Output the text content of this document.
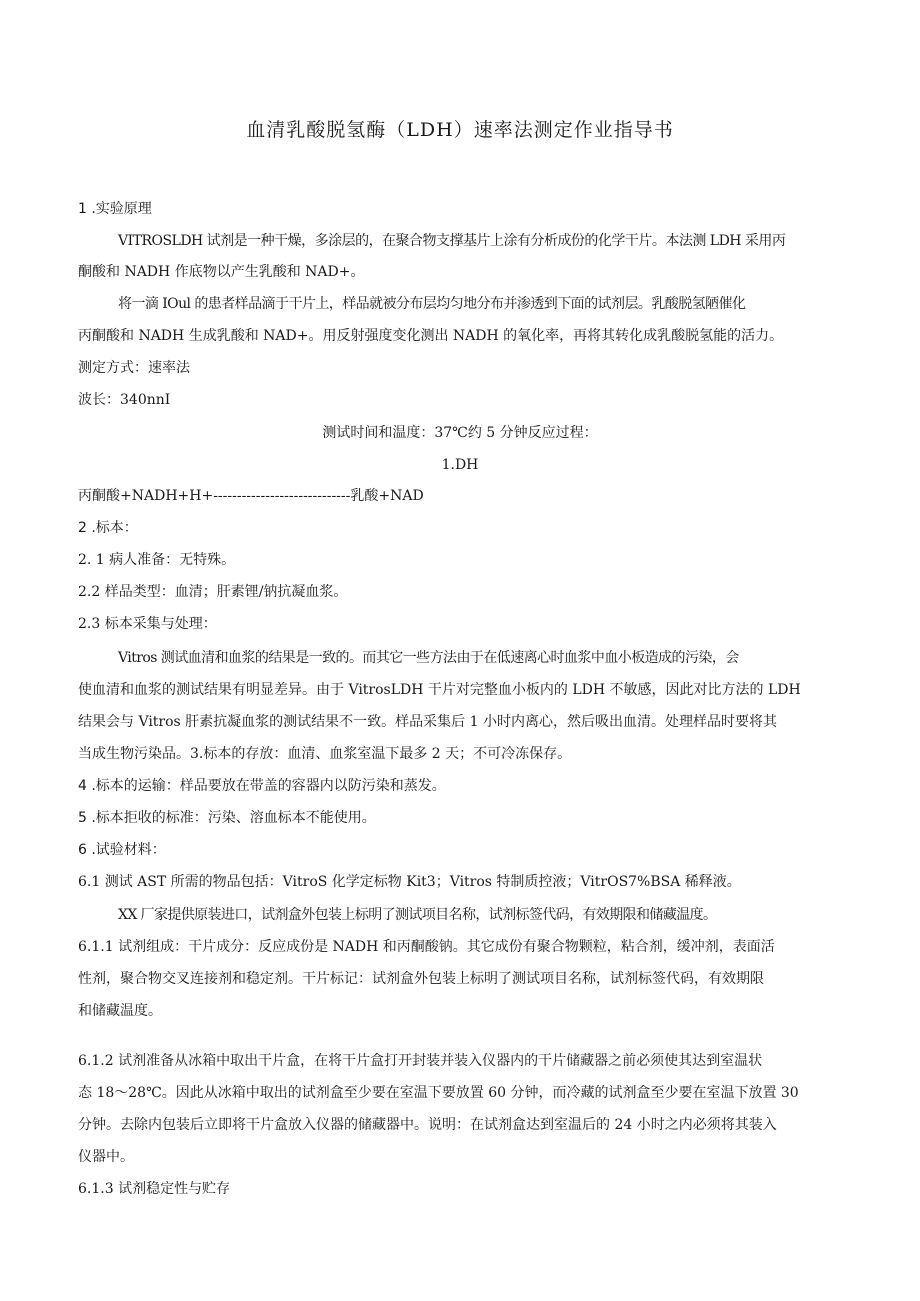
血清乳酸脱氢酶（LDH）速率法测定作业指导书
1 .实验原理
VITROSLDH 试剂是一种干燥，多涂层的，在聚合物支撑基片上涂有分析成份的化学干片。本法测 LDH 采用丙
酮酸和 NADH 作底物以产生乳酸和 NAD+。
将一滴 IOul 的患者样品滴于干片上，样品就被分布层均匀地分布并渗透到下面的试剂层。乳酸脱氢陋催化
丙酮酸和 NADH 生成乳酸和 NAD+。用反射强度变化测出 NADH 的氧化率，再将其转化成乳酸脱氢能的活力。
测定方式：速率法
波长：340nnI
测试时间和温度：37℃约 5 分钟反应过程：
1.DH
丙酮酸+NADH+H+-----------------------------乳酸+NAD
2 .标本：
2. 1 病人准备：无特殊。
2.2 样品类型：血清；肝素锂/钠抗凝血浆。
2.3 标本采集与处理：
Vitros 测试血清和血浆的结果是一致的。而其它一些方法由于在低速离心时血浆中血小板造成的污染，会
使血清和血浆的测试结果有明显差异。由于 VitrosLDH 干片对完整血小板内的 LDH 不敏感，因此对比方法的 LDH
结果会与 Vitros 肝素抗凝血浆的测试结果不一致。样品采集后 1 小时内离心，然后吸出血清。处理样品时要将其
当成生物污染品。3.标本的存放：血清、血浆室温下最多 2 天；不可冷冻保存。
4 .标本的运输：样品要放在带盖的容器内以防污染和蒸发。
5 .标本拒收的标准：污染、溶血标本不能使用。
6 .试验材料：
6.1 测试 AST 所需的物品包括：VitroS 化学定标物 Kit3；Vitros 特制质控液；VitrOS7%BSA 稀释液。
XX 厂家提供原装进口，试剂盒外包装上标明了测试项目名称，试剂标签代码，有效期限和储藏温度。
6.1.1 试剂组成：干片成分：反应成份是 NADH 和丙酮酸钠。其它成份有聚合物颗粒，粘合剂，缓冲剂，表面活
性剂，聚合物交叉连接剂和稳定剂。干片标记：试剂盒外包装上标明了测试项目名称，试剂标签代码，有效期限
和储藏温度。
6.1.2 试剂准备从冰箱中取出干片盒，在将干片盒打开封装并装入仪器内的干片储藏器之前必须使其达到室温状
态 18～28℃。因此从冰箱中取出的试剂盒至少要在室温下要放置 60 分钟，而冷藏的试剂盒至少要在室温下放置 30
分钟。去除内包装后立即将干片盒放入仪器的储藏器中。说明：在试剂盒达到室温后的 24 小时之内必须将其装入
仪器中。
6.1.3 试剂稳定性与贮存
